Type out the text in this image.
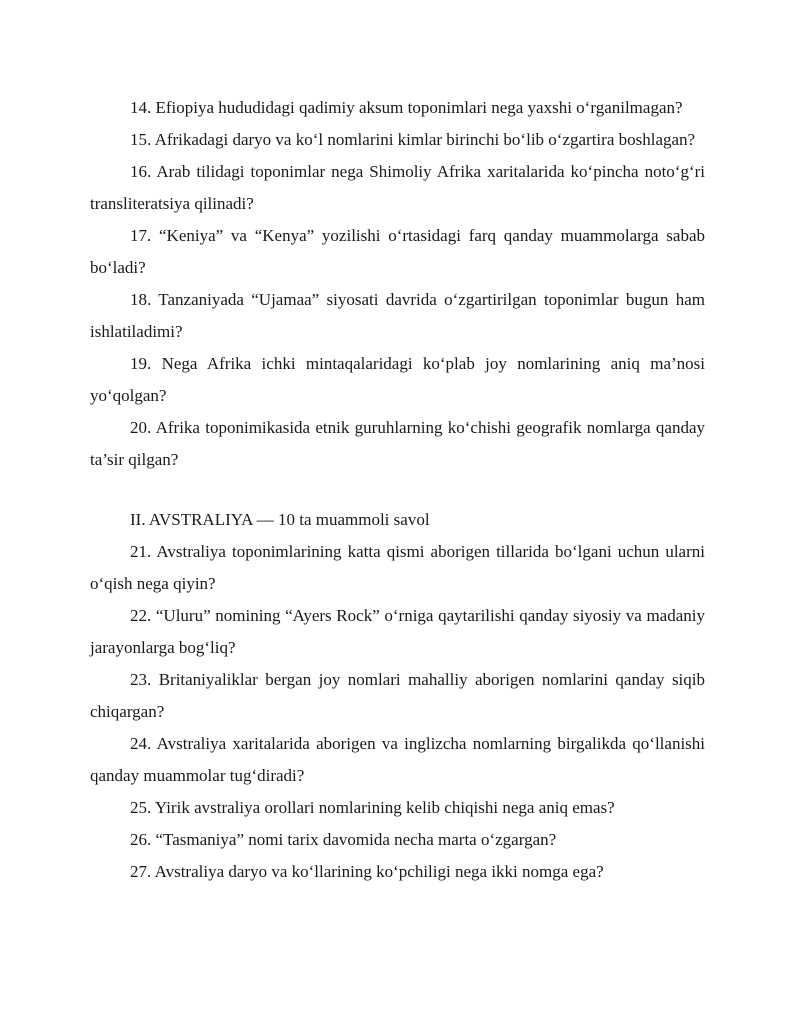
14. Efiopiya hududidagi qadimiy aksum toponimlari nega yaxshi o‘rganilmagan?

15. Afrikadagi daryo va ko‘l nomlarini kimlar birinchi bo‘lib o‘zgartira boshlagan?

16. Arab tilidagi toponimlar nega Shimoliy Afrika xaritalarida ko‘pincha noto‘g‘ri transliteratsiya qilinadi?

17. “Keniya” va “Kenya” yozilishi o‘rtasidagi farq qanday muammolarga sabab bo‘ladi?

18. Tanzaniyada “Ujamaa” siyosati davrida o‘zgartirilgan toponimlar bugun ham ishlatiladimi?

19. Nega Afrika ichki mintaqalaridagi ko‘plab joy nomlarining aniq ma’nosi yo‘qolgan?

20. Afrika toponimikasida etnik guruhlarning ko‘chishi geografik nomlarga qanday ta’sir qilgan?

II. AVSTRALIYA — 10 ta muammoli savol

21. Avstraliya toponimlarining katta qismi aborigen tillarida bo‘lgani uchun ularni o‘qish nega qiyin?

22. “Uluru” nomining “Ayers Rock” o‘rniga qaytarilishi qanday siyosiy va madaniy jarayonlarga bog‘liq?

23. Britaniyaliklar bergan joy nomlari mahalliy aborigen nomlarini qanday siqib chiqargan?

24. Avstraliya xaritalarida aborigen va inglizcha nomlarning birgalikda qo‘llanishi qanday muammolar tug‘diradi?

25. Yirik avstraliya orollari nomlarining kelib chiqishi nega aniq emas?

26. “Tasmaniya” nomi tarix davomida necha marta o‘zgargan?

27. Avstraliya daryo va ko‘llarining ko‘pchiligi nega ikki nomga ega?
